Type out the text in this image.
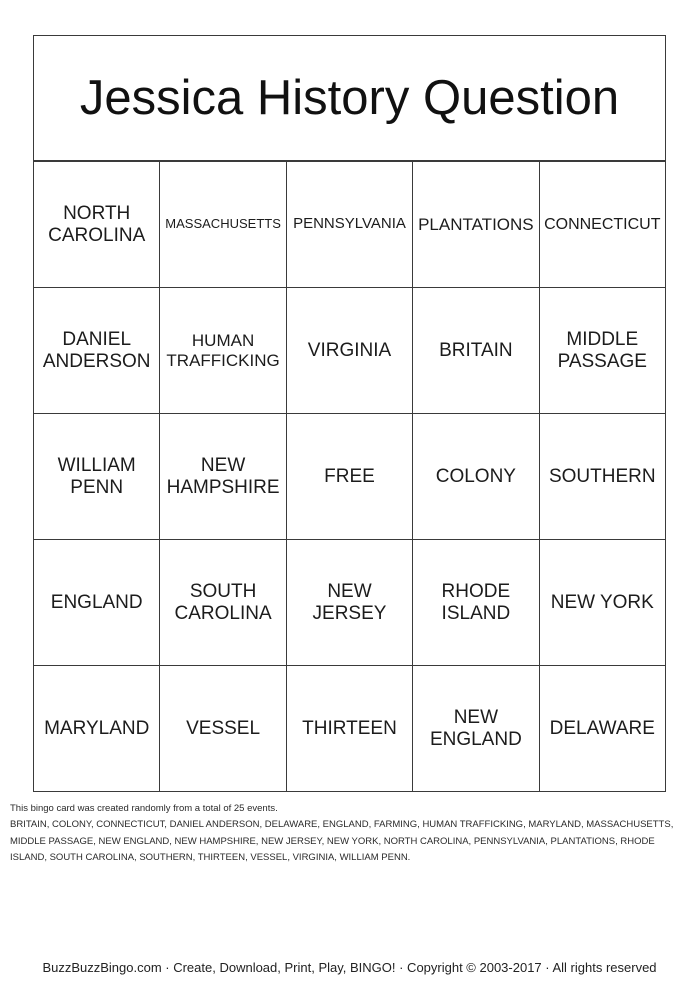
Jessica History Question
NORTH CAROLINA	MASSACHUSETTS	PENNSYLVANIA	PLANTATIONS	CONNECTICUT

DANIEL ANDERSON	HUMAN TRAFFICKING	VIRGINIA	BRITAIN	MIDDLE PASSAGE

WILLIAM PENN	NEW HAMPSHIRE	FREE	COLONY	SOUTHERN

ENGLAND	SOUTH CAROLINA	NEW JERSEY	RHODE ISLAND	NEW YORK

MARYLAND	VESSEL	THIRTEEN	NEW ENGLAND	DELAWARE
This bingo card was created randomly from a total of 25 events.
BRITAIN, COLONY, CONNECTICUT, DANIEL ANDERSON, DELAWARE, ENGLAND, FARMING, HUMAN TRAFFICKING, MARYLAND, MASSACHUSETTS, MIDDLE PASSAGE, NEW ENGLAND, NEW HAMPSHIRE, NEW JERSEY, NEW YORK, NORTH CAROLINA, PENNSYLVANIA, PLANTATIONS, RHODE ISLAND, SOUTH CAROLINA, SOUTHERN, THIRTEEN, VESSEL, VIRGINIA, WILLIAM PENN.
BuzzBuzzBingo.com · Create, Download, Print, Play, BINGO! · Copyright © 2003-2017 · All rights reserved
